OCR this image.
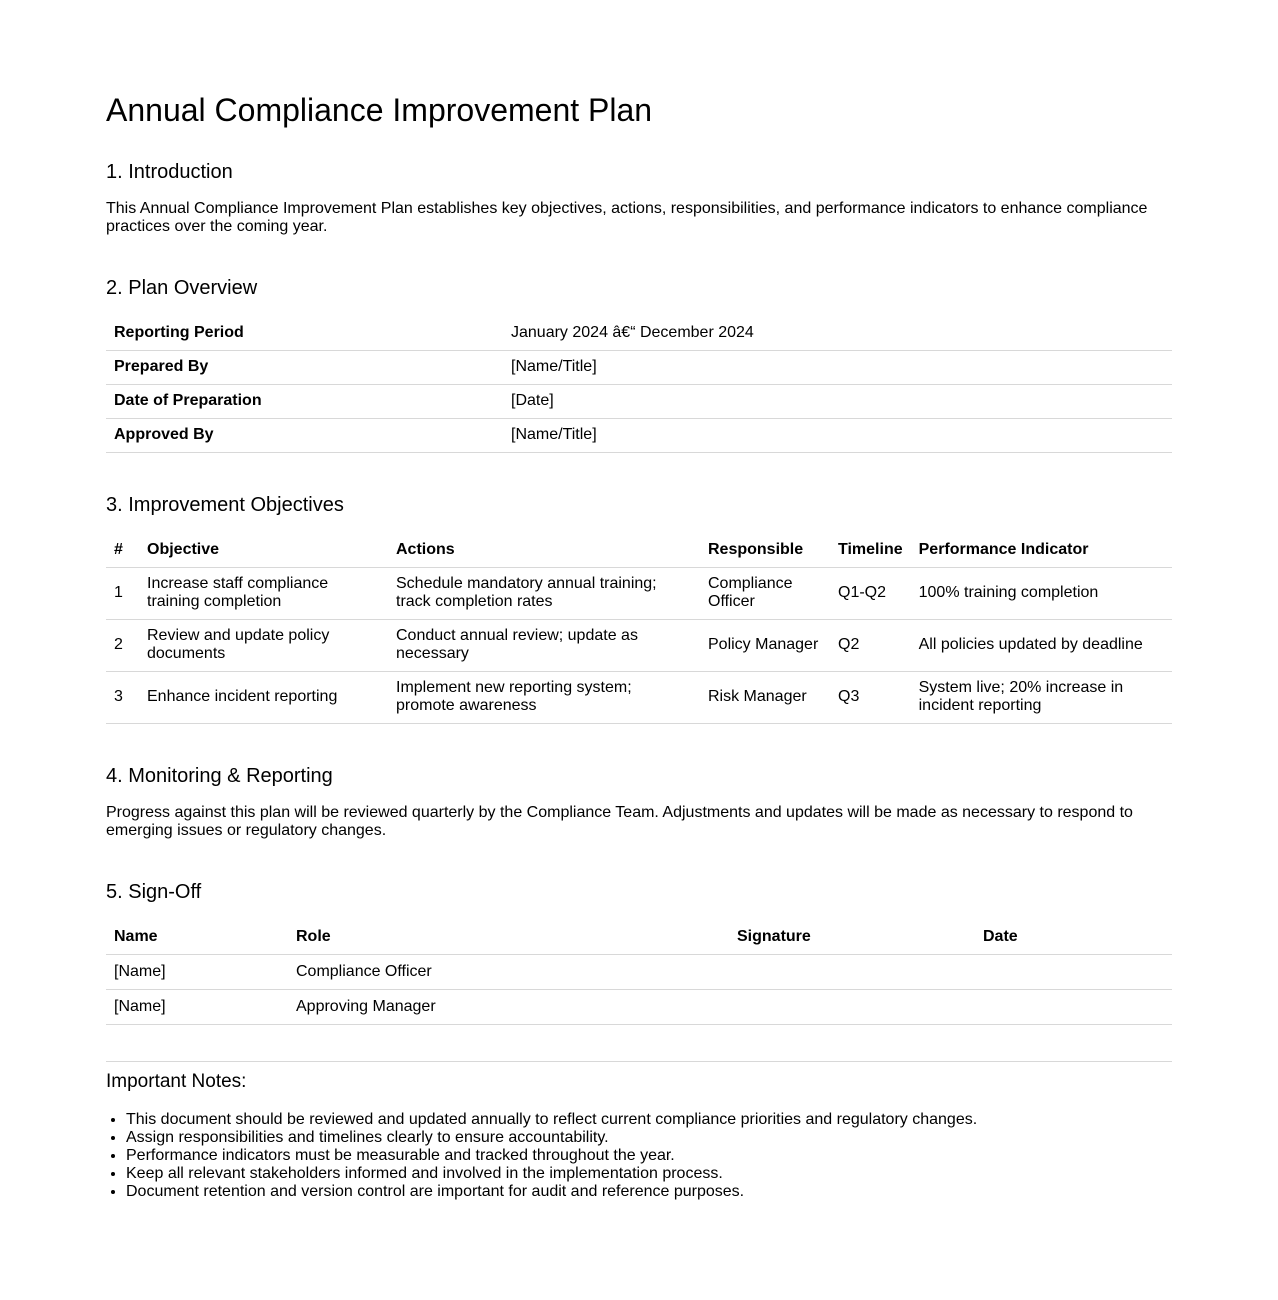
Annual Compliance Improvement Plan
1. Introduction

This Annual Compliance Improvement Plan establishes key objectives, actions, responsibilities, and performance indicators to enhance compliance practices over the coming year.

2. Plan Overview
Reporting Period	January 2024 â€“ December 2024
Prepared By	[Name/Title]
Date of Preparation	[Date]
Approved By	[Name/Title]
3. Improvement Objectives
#	Objective	Actions	Responsible	Timeline	Performance Indicator
1	Increase staff compliance training completion	Schedule mandatory annual training; track completion rates	Compliance Officer	Q1-Q2	100% training completion
2	Review and update policy documents	Conduct annual review; update as necessary	Policy Manager	Q2	All policies updated by deadline
3	Enhance incident reporting	Implement new reporting system; promote awareness	Risk Manager	Q3	System live; 20% increase in incident reporting
4. Monitoring & Reporting

Progress against this plan will be reviewed quarterly by the Compliance Team. Adjustments and updates will be made as necessary to respond to emerging issues or regulatory changes.

5. Sign-Off
Name	Role	Signature	Date
[Name]	Compliance Officer		
[Name]	Approving Manager		
Important Notes:
• This document should be reviewed and updated annually to reflect current compliance priorities and regulatory changes.
• Assign responsibilities and timelines clearly to ensure accountability.
• Performance indicators must be measurable and tracked throughout the year.
• Keep all relevant stakeholders informed and involved in the implementation process.
• Document retention and version control are important for audit and reference purposes.
